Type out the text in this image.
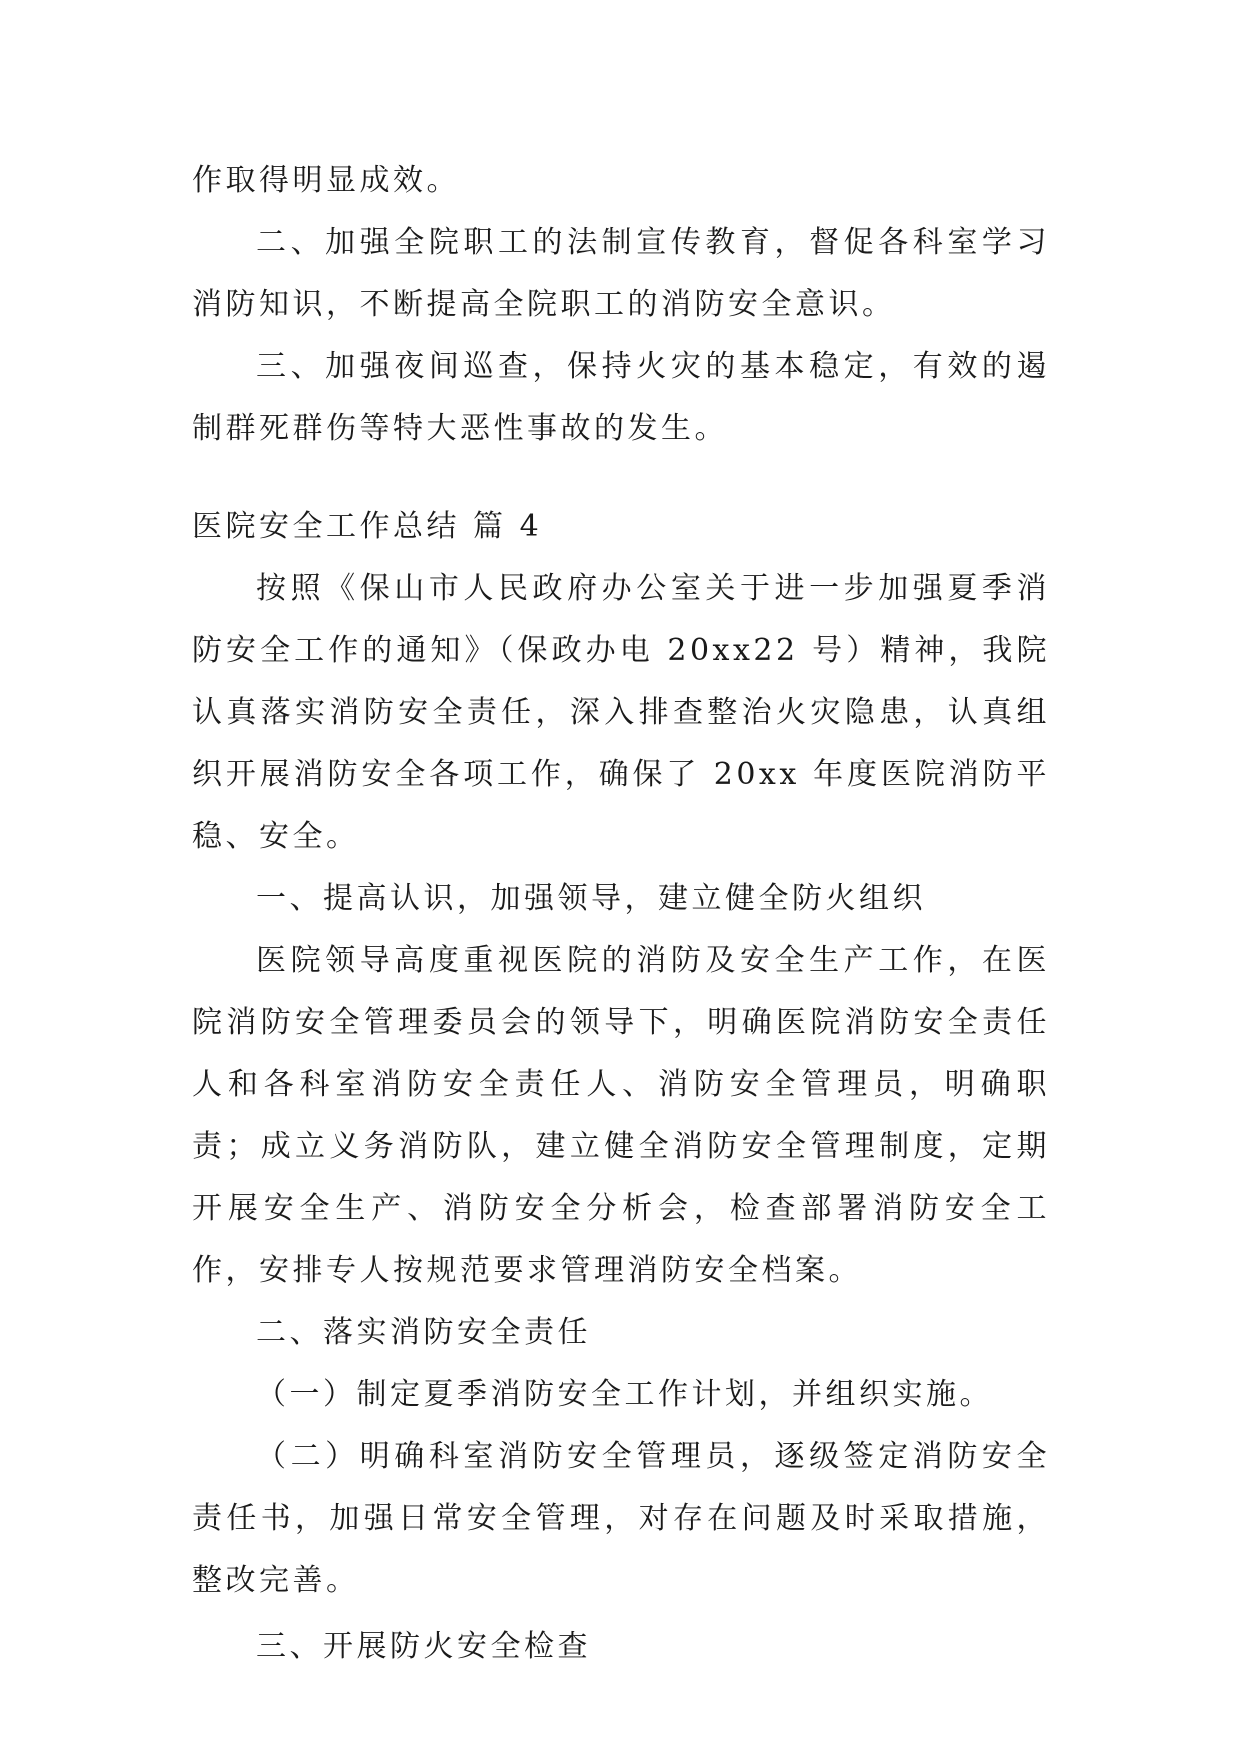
作取得明显成效。

二、加强全院职工的法制宣传教育，督促各科室学习消防知识，不断提高全院职工的消防安全意识。

三、加强夜间巡查，保持火灾的基本稳定，有效的遏制群死群伤等特大恶性事故的发生。

医院安全工作总结 篇 4

按照《保山市人民政府办公室关于进一步加强夏季消防安全工作的通知》（保政办电 20xx22 号）精神，我院认真落实消防安全责任，深入排查整治火灾隐患，认真组织开展消防安全各项工作，确保了 20xx 年度医院消防平稳、安全。

一、提高认识，加强领导，建立健全防火组织

医院领导高度重视医院的消防及安全生产工作，在医院消防安全管理委员会的领导下，明确医院消防安全责任人和各科室消防安全责任人、消防安全管理员，明确职责；成立义务消防队，建立健全消防安全管理制度，定期开展安全生产、消防安全分析会，检查部署消防安全工作，安排专人按规范要求管理消防安全档案。

二、落实消防安全责任

（一）制定夏季消防安全工作计划，并组织实施。

（二）明确科室消防安全管理员，逐级签定消防安全责任书，加强日常安全管理，对存在问题及时采取措施，整改完善。

三、开展防火安全检查
